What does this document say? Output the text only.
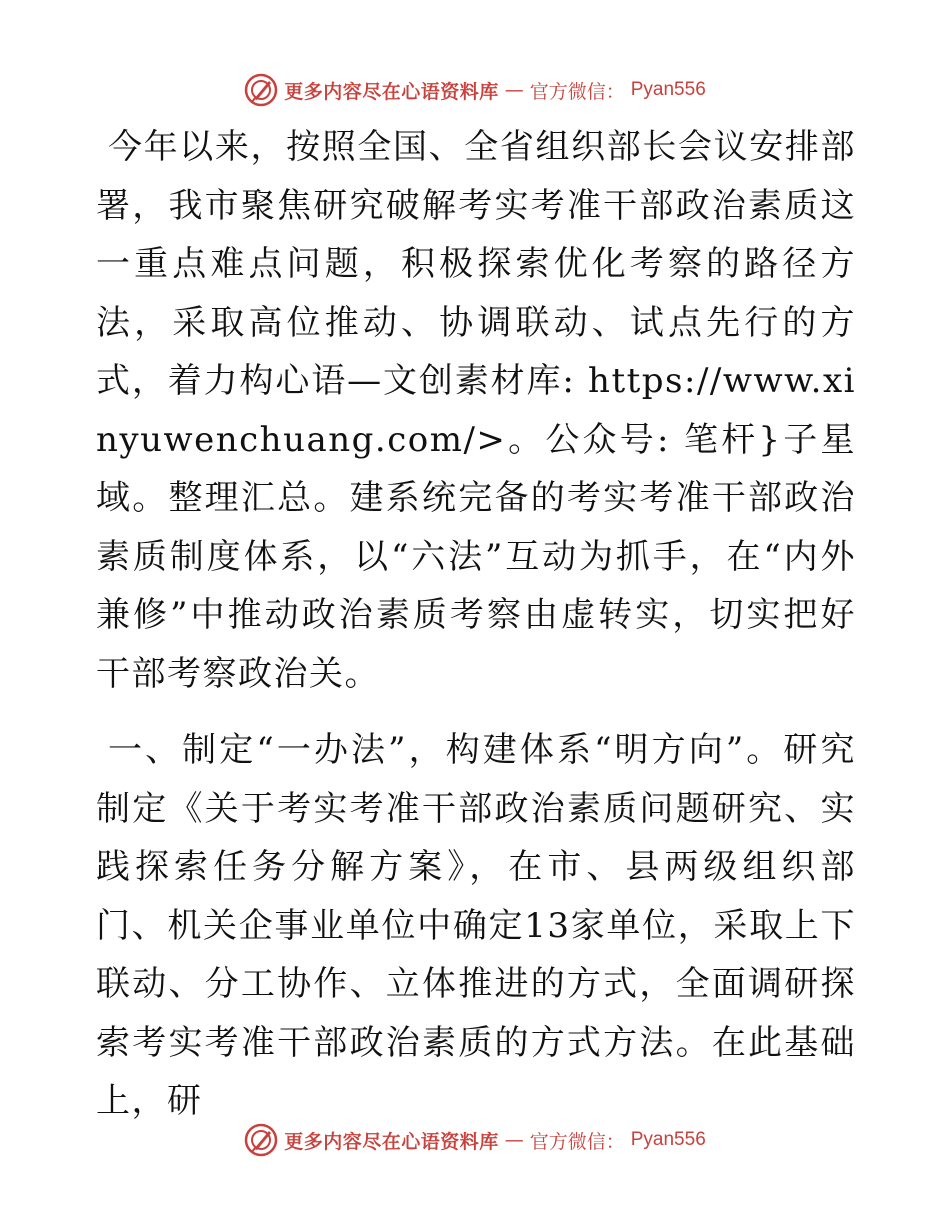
更多内容尽在心语资料库 — 官方微信： Pyan556

今年以来，按照全国、全省组织部长会议安排部署，我市聚焦研究破解考实考准干部政治素质这一重点难点问题，积极探索优化考察的路径方法，采取高位推动、协调联动、试点先行的方式，着力构心语—文创素材库: https://www.xinyuwenchuang.com/>。公众号: 笔杆}子星域。整理汇总。建系统完备的考实考准干部政治素质制度体系，以“六法”互动为抓手，在“内外兼修”中推动政治素质考察由虚转实，切实把好干部考察政治关。

一、制定“一办法”，构建体系“明方向”。研究制定《关于考实考准干部政治素质问题研究、实践探索任务分解方案》，在市、县两级组织部门、机关企事业单位中确定13家单位，采取上下联动、分工协作、立体推进的方式，全面调研探索考实考准干部政治素质的方式方法。在此基础上，研

更多内容尽在心语资料库 — 官方微信： Pyan556
